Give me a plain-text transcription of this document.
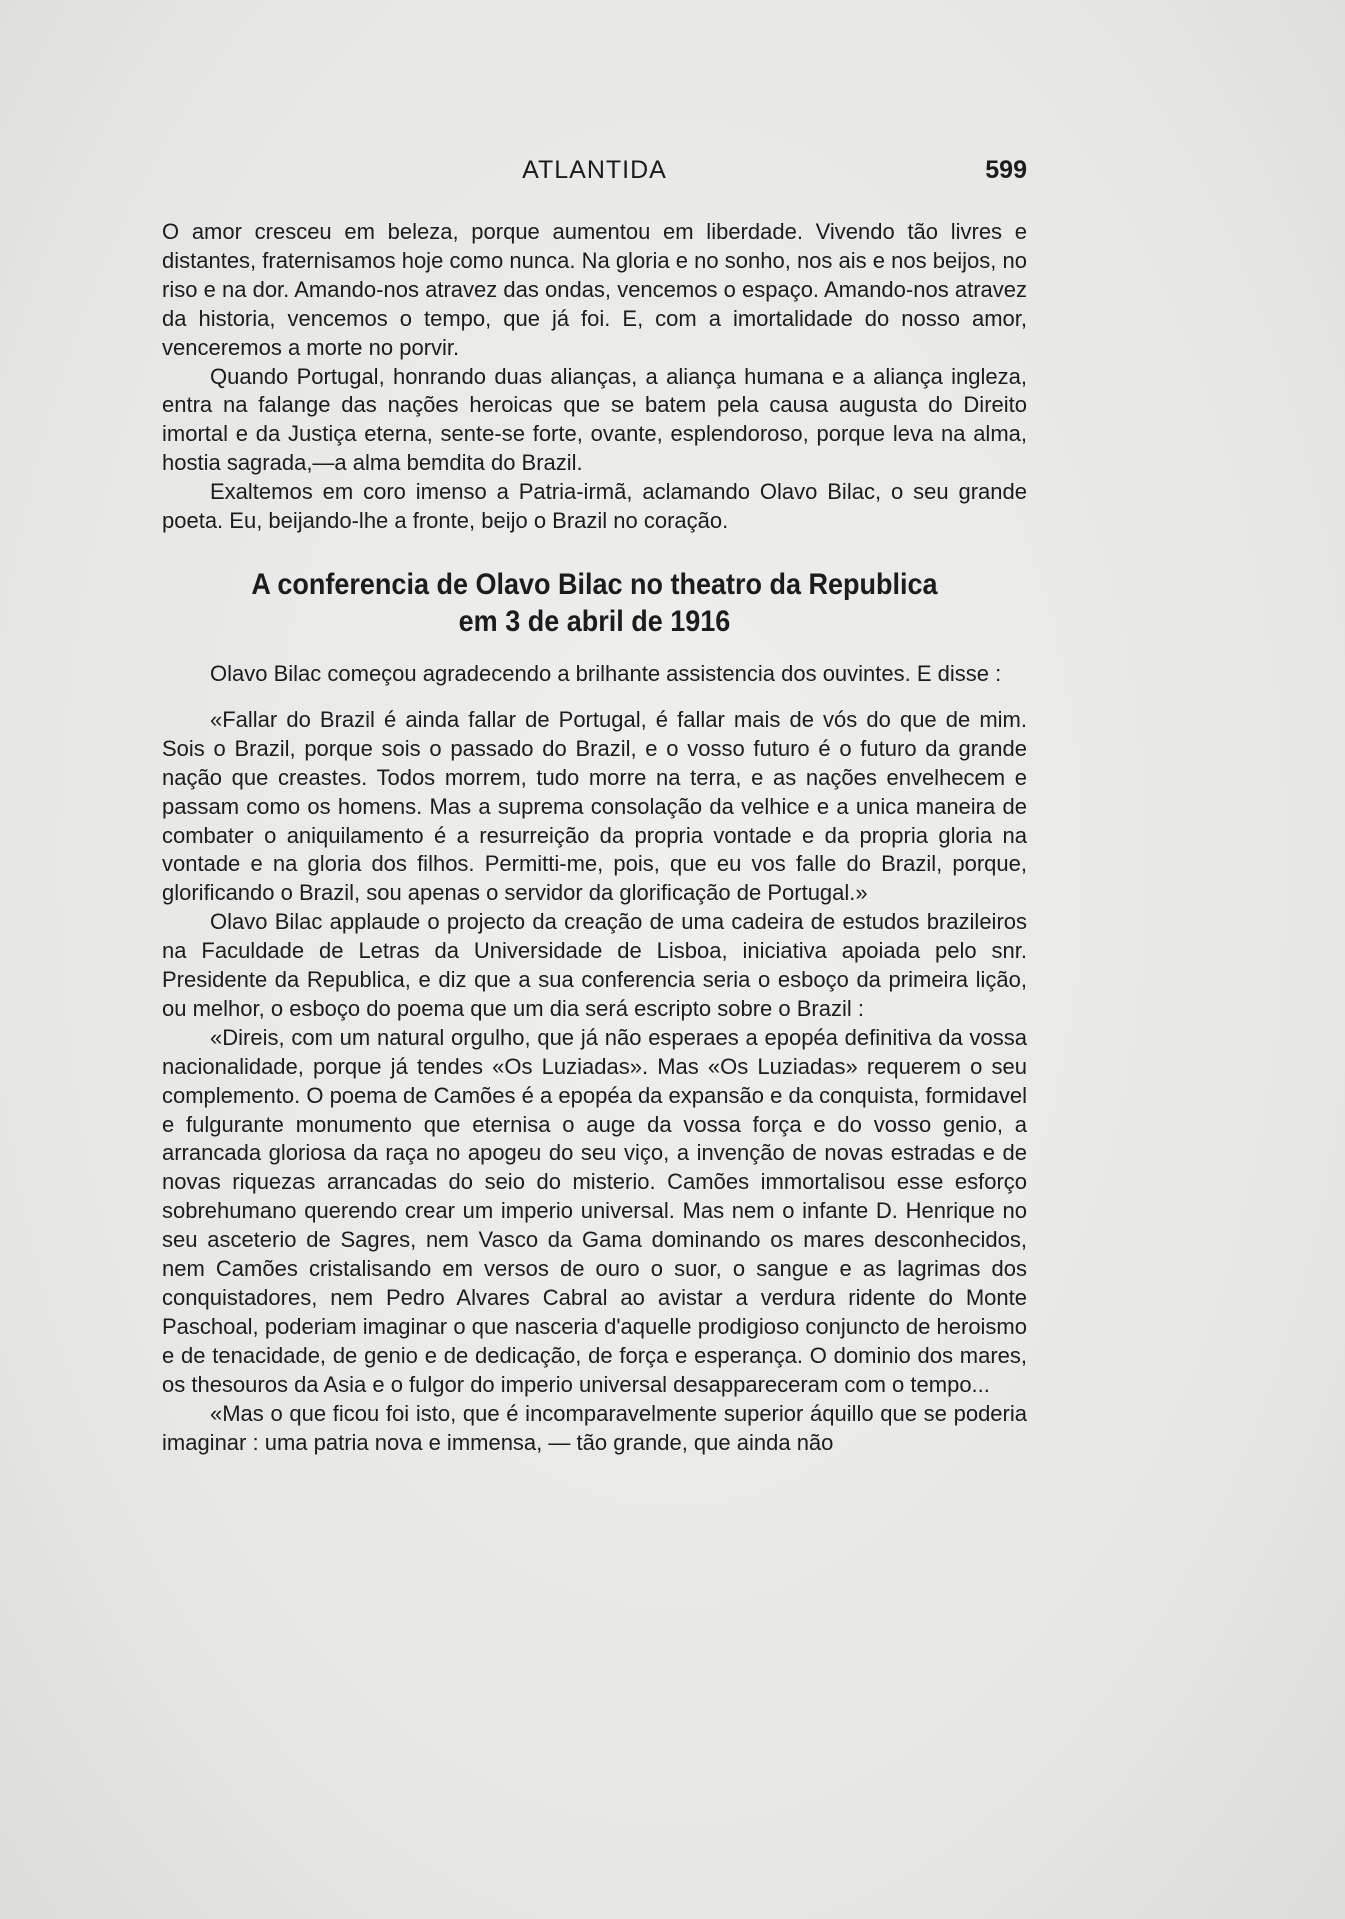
ATLANTIDA	599

O amor cresceu em beleza, porque aumentou em liberdade. Vivendo tão livres e distantes, fraternisamos hoje como nunca. Na gloria e no sonho, nos ais e nos beijos, no riso e na dor. Amando-nos atravez das ondas, vencemos o espaço. Amando-nos atravez da historia, vencemos o tempo, que já foi. E, com a imortalidade do nosso amor, venceremos a morte no porvir.

Quando Portugal, honrando duas alianças, a aliança humana e a aliança ingleza, entra na falange das nações heroicas que se batem pela causa augusta do Direito imortal e da Justiça eterna, sente-se forte, ovante, esplendoroso, porque leva na alma, hostia sagrada,—a alma bemdita do Brazil.

Exaltemos em coro imenso a Patria-irmã, aclamando Olavo Bilac, o seu grande poeta. Eu, beijando-lhe a fronte, beijo o Brazil no coração.

A conferencia de Olavo Bilac no theatro da Republica
em 3 de abril de 1916

Olavo Bilac começou agradecendo a brilhante assistencia dos ouvintes. E disse :

«Fallar do Brazil é ainda fallar de Portugal, é fallar mais de vós do que de mim. Sois o Brazil, porque sois o passado do Brazil, e o vosso futuro é o futuro da grande nação que creastes. Todos morrem, tudo morre na terra, e as nações envelhecem e passam como os homens. Mas a suprema consolação da velhice e a unica maneira de combater o aniquilamento é a resurreição da propria vontade e da propria gloria na vontade e na gloria dos filhos. Permitti-me, pois, que eu vos falle do Brazil, porque, glorificando o Brazil, sou apenas o servidor da glorificação de Portugal.»

Olavo Bilac applaude o projecto da creação de uma cadeira de estudos brazileiros na Faculdade de Letras da Universidade de Lisboa, iniciativa apoiada pelo snr. Presidente da Republica, e diz que a sua conferencia seria o esboço da primeira lição, ou melhor, o esboço do poema que um dia será escripto sobre o Brazil :

«Direis, com um natural orgulho, que já não esperaes a epopéa definitiva da vossa nacionalidade, porque já tendes «Os Luziadas». Mas «Os Luziadas» requerem o seu complemento. O poema de Camões é a epopéa da expansão e da conquista, formidavel e fulgurante monumento que eternisa o auge da vossa força e do vosso genio, a arrancada gloriosa da raça no apogeu do seu viço, a invenção de novas estradas e de novas riquezas arrancadas do seio do misterio. Camões immortalisou esse esforço sobrehumano querendo crear um imperio universal. Mas nem o infante D. Henrique no seu asceterio de Sagres, nem Vasco da Gama dominando os mares desconhecidos, nem Camões cristalisando em versos de ouro o suor, o sangue e as lagrimas dos conquistadores, nem Pedro Alvares Cabral ao avistar a verdura ridente do Monte Paschoal, poderiam imaginar o que nasceria d'aquelle prodigioso conjuncto de heroismo e de tenacidade, de genio e de dedicação, de força e esperança. O dominio dos mares, os thesouros da Asia e o fulgor do imperio universal desappareceram com o tempo...

«Mas o que ficou foi isto, que é incomparavelmente superior áquillo que se poderia imaginar : uma patria nova e immensa, — tão grande, que ainda não
